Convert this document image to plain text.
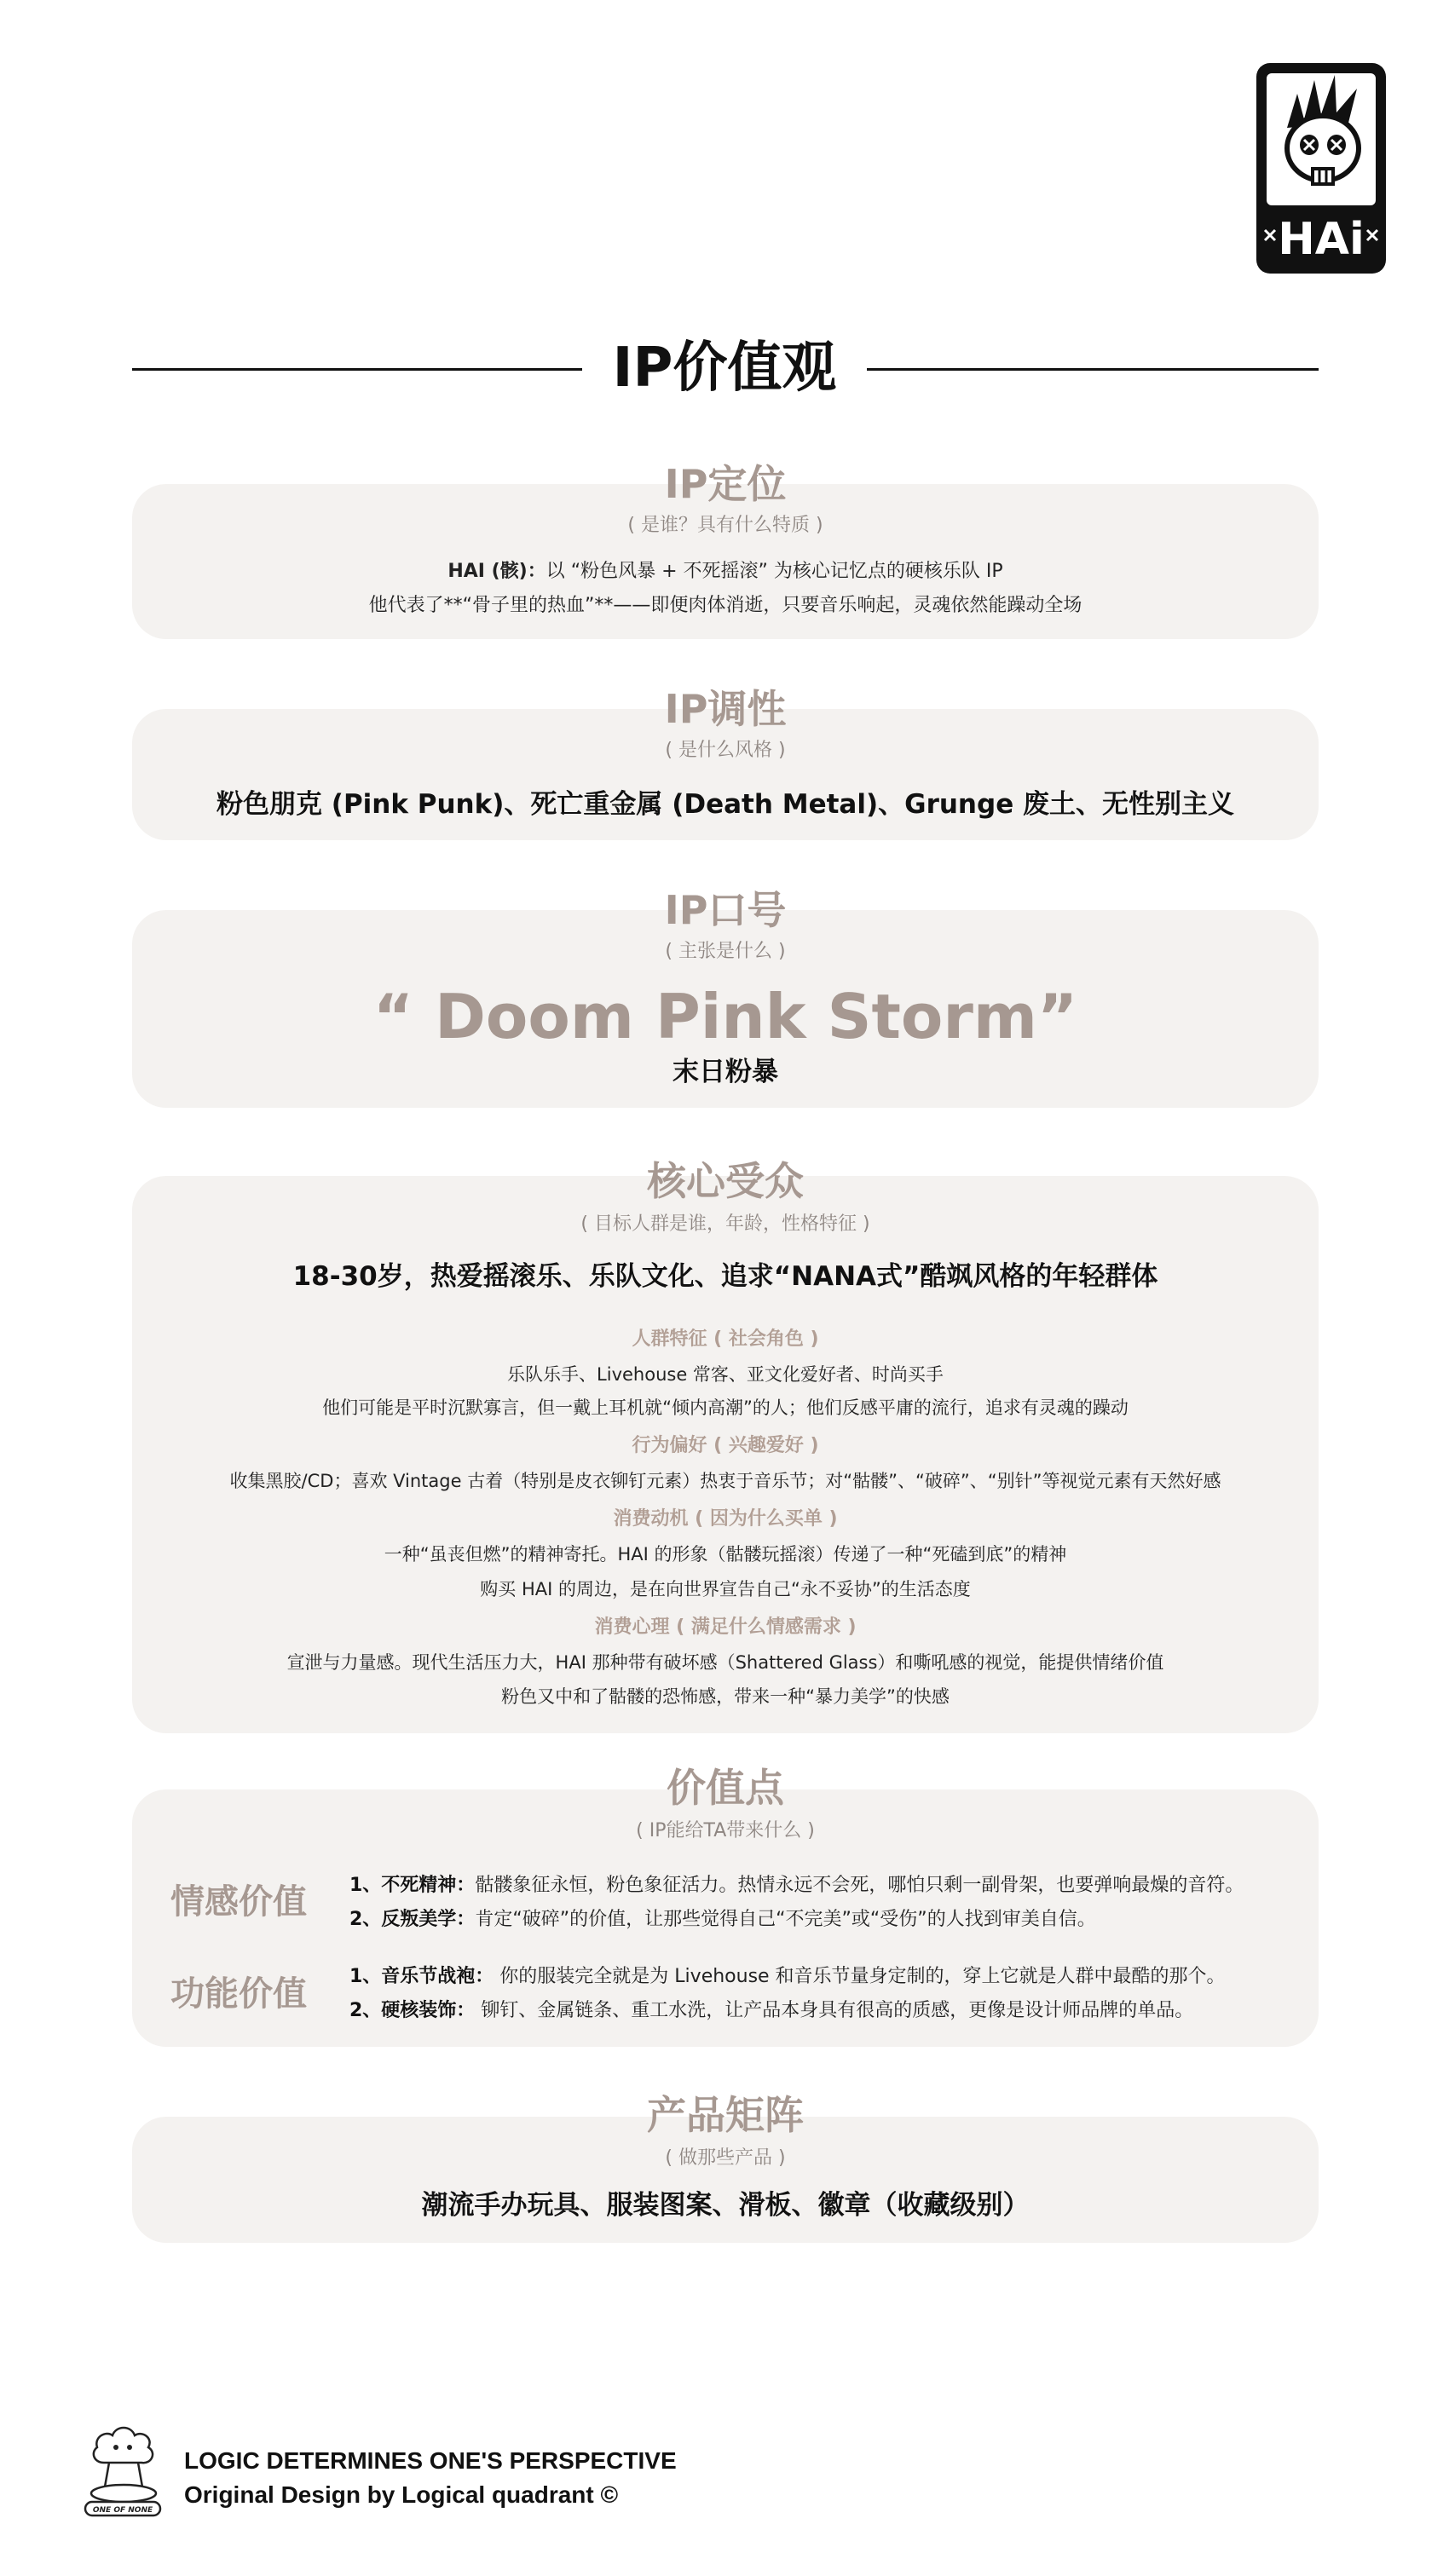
HAi
IP价值观
IP定位
( 是谁？具有什么特质 )
HAI (骸)：以 “粉色风暴 + 不死摇滚” 为核心记忆点的硬核乐队 IP
他代表了**“骨子里的热血”**——即便肉体消逝，只要音乐响起，灵魂依然能躁动全场
IP调性
( 是什么风格 )
粉色朋克 (Pink Punk)、死亡重金属 (Death Metal)、Grunge 废土、无性别主义
IP口号
( 主张是什么 )
“ Doom Pink Storm”
末日粉暴
核心受众
( 目标人群是谁，年龄，性格特征 )
18-30岁，热爱摇滚乐、乐队文化、追求“NANA式”酷飒风格的年轻群体
人群特征 ( 社会角色 )
乐队乐手、Livehouse 常客、亚文化爱好者、时尚买手
他们可能是平时沉默寡言，但一戴上耳机就“倾内高潮”的人；他们反感平庸的流行，追求有灵魂的躁动
行为偏好 ( 兴趣爱好 )
收集黑胶/CD；喜欢 Vintage 古着（特别是皮衣铆钉元素）热衷于音乐节；对“骷髅”、“破碎”、“别针”等视觉元素有天然好感
消费动机 ( 因为什么买单 )
一种“虽丧但燃”的精神寄托。HAI 的形象（骷髅玩摇滚）传递了一种“死磕到底”的精神
购买 HAI 的周边，是在向世界宣告自己“永不妥协”的生活态度
消费心理 ( 满足什么情感需求 )
宣泄与力量感。现代生活压力大，HAI 那种带有破坏感（Shattered Glass）和嘶吼感的视觉，能提供情绪价值
粉色又中和了骷髅的恐怖感，带来一种“暴力美学”的快感
价值点
( IP能给TA带来什么 )
情感价值	1、不死精神：骷髅象征永恒，粉色象征活力。热情永远不会死，哪怕只剩一副骨架，也要弹响最燥的音符。
2、反叛美学：肯定“破碎”的价值，让那些觉得自己“不完美”或“受伤”的人找到审美自信。
功能价值	1、音乐节战袍： 你的服装完全就是为 Livehouse 和音乐节量身定制的，穿上它就是人群中最酷的那个。
2、硬核装饰： 铆钉、金属链条、重工水洗，让产品本身具有很高的质感，更像是设计师品牌的单品。
产品矩阵
( 做那些产品 )
潮流手办玩具、服装图案、滑板、徽章（收藏级别）
ONE OF NONE
LOGIC DETERMINES ONE'S PERSPECTIVE
Original Design by Logical quadrant ©
